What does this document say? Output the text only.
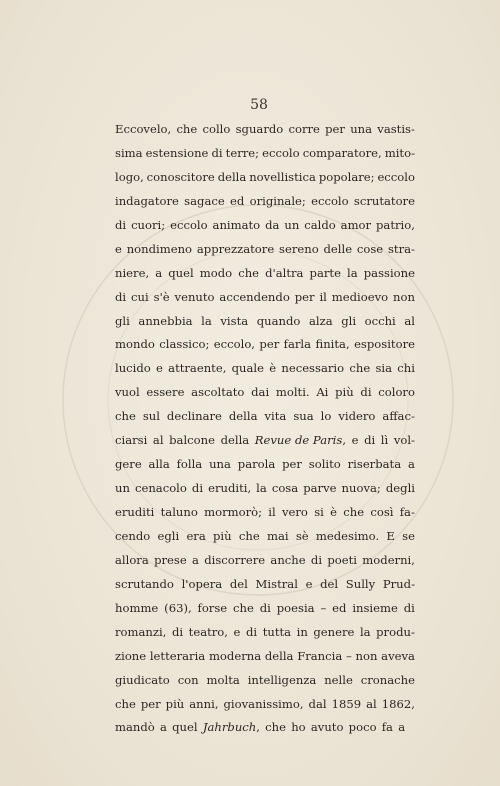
58
Eccovelo, che collo sguardo corre per una vastis-
sima estensione di terre; eccolo comparatore, mito-
logo, conoscitore della novellistica popolare; eccolo
indagatore sagace ed originale; eccolo scrutatore
di cuori; eccolo animato da un caldo amor patrio,
e nondimeno apprezzatore sereno delle cose stra-
niere, a quel modo che d'altra parte la passione
di cui s'è venuto accendendo per il medioevo non
gli annebbia la vista quando alza gli occhi al
mondo classico; eccolo, per farla finita, espositore
lucido e attraente, quale è necessario che sia chi
vuol essere ascoltato dai molti. Ai più di coloro
che sul declinare della vita sua lo videro affac-
ciarsi al balcone della Revue de Paris, e di lì vol-
gere alla folla una parola per solito riserbata a
un cenacolo di eruditi, la cosa parve nuova; degli
eruditi taluno mormorò; il vero si è che così fa-
cendo egli era più che mai sè medesimo. E se
allora prese a discorrere anche di poeti moderni,
scrutando l'opera del Mistral e del Sully Prud-
homme (63), forse che di poesia – ed insieme di
romanzi, di teatro, e di tutta in genere la produ-
zione letteraria moderna della Francia – non aveva
giudicato con molta intelligenza nelle cronache
che per più anni, giovanissimo, dal 1859 al 1862,
mandò a quel Jahrbuch, che ho avuto poco fa a
